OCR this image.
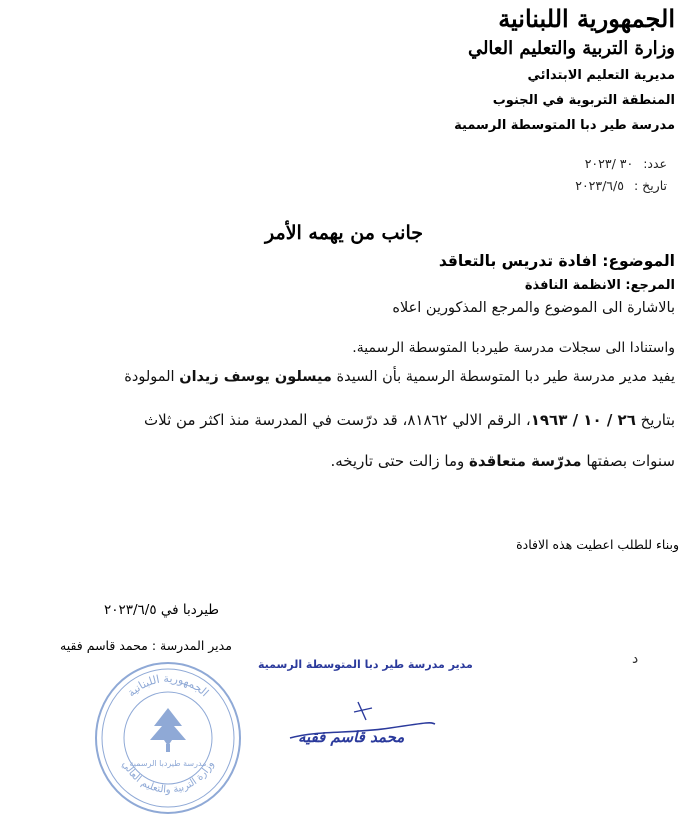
الجمهورية اللبنانية
وزارة التربية والتعليم العالي
مديرية التعليم الابتدائي
المنطقة التربوية في الجنوب
مدرسة طير دبا المتوسطة الرسمية
عدد: ٣٠ /٢٠٢٣
تاريخ : ٢٠٢٣/٦/٥
جانب من يهمه الأمر
الموضوع: افادة تدريس بالتعاقد
المرجع: الانظمة النافذة
بالاشارة الى الموضوع والمرجع المذكورين اعلاه
واستنادا الى سجلات مدرسة طيردبا المتوسطة الرسمية.
يفيد مدير مدرسة طير دبا المتوسطة الرسمية بأن السيدة ميسلون يوسف زيدان المولودة
بتاريخ ٢٦ / ١٠ / ١٩٦٣، الرقم الالي ٨١٨٦٢، قد درّست في المدرسة منذ اكثر من ثلاث
سنوات بصفتها مدرّسة متعاقدة وما زالت حتى تاريخه.
وبناء للطلب اعطيت هذه الافادة
طيردبا في ٢٠٢٣/٦/٥
مدير المدرسة : محمد قاسم فقيه
د
مدير مدرسة طير دبا المتوسطة الرسمية
محمد قاسم فقيه
الجمهورية اللبنانية
وزارة التربية والتعليم العالي
مدرسة طيردبا الرسمية
